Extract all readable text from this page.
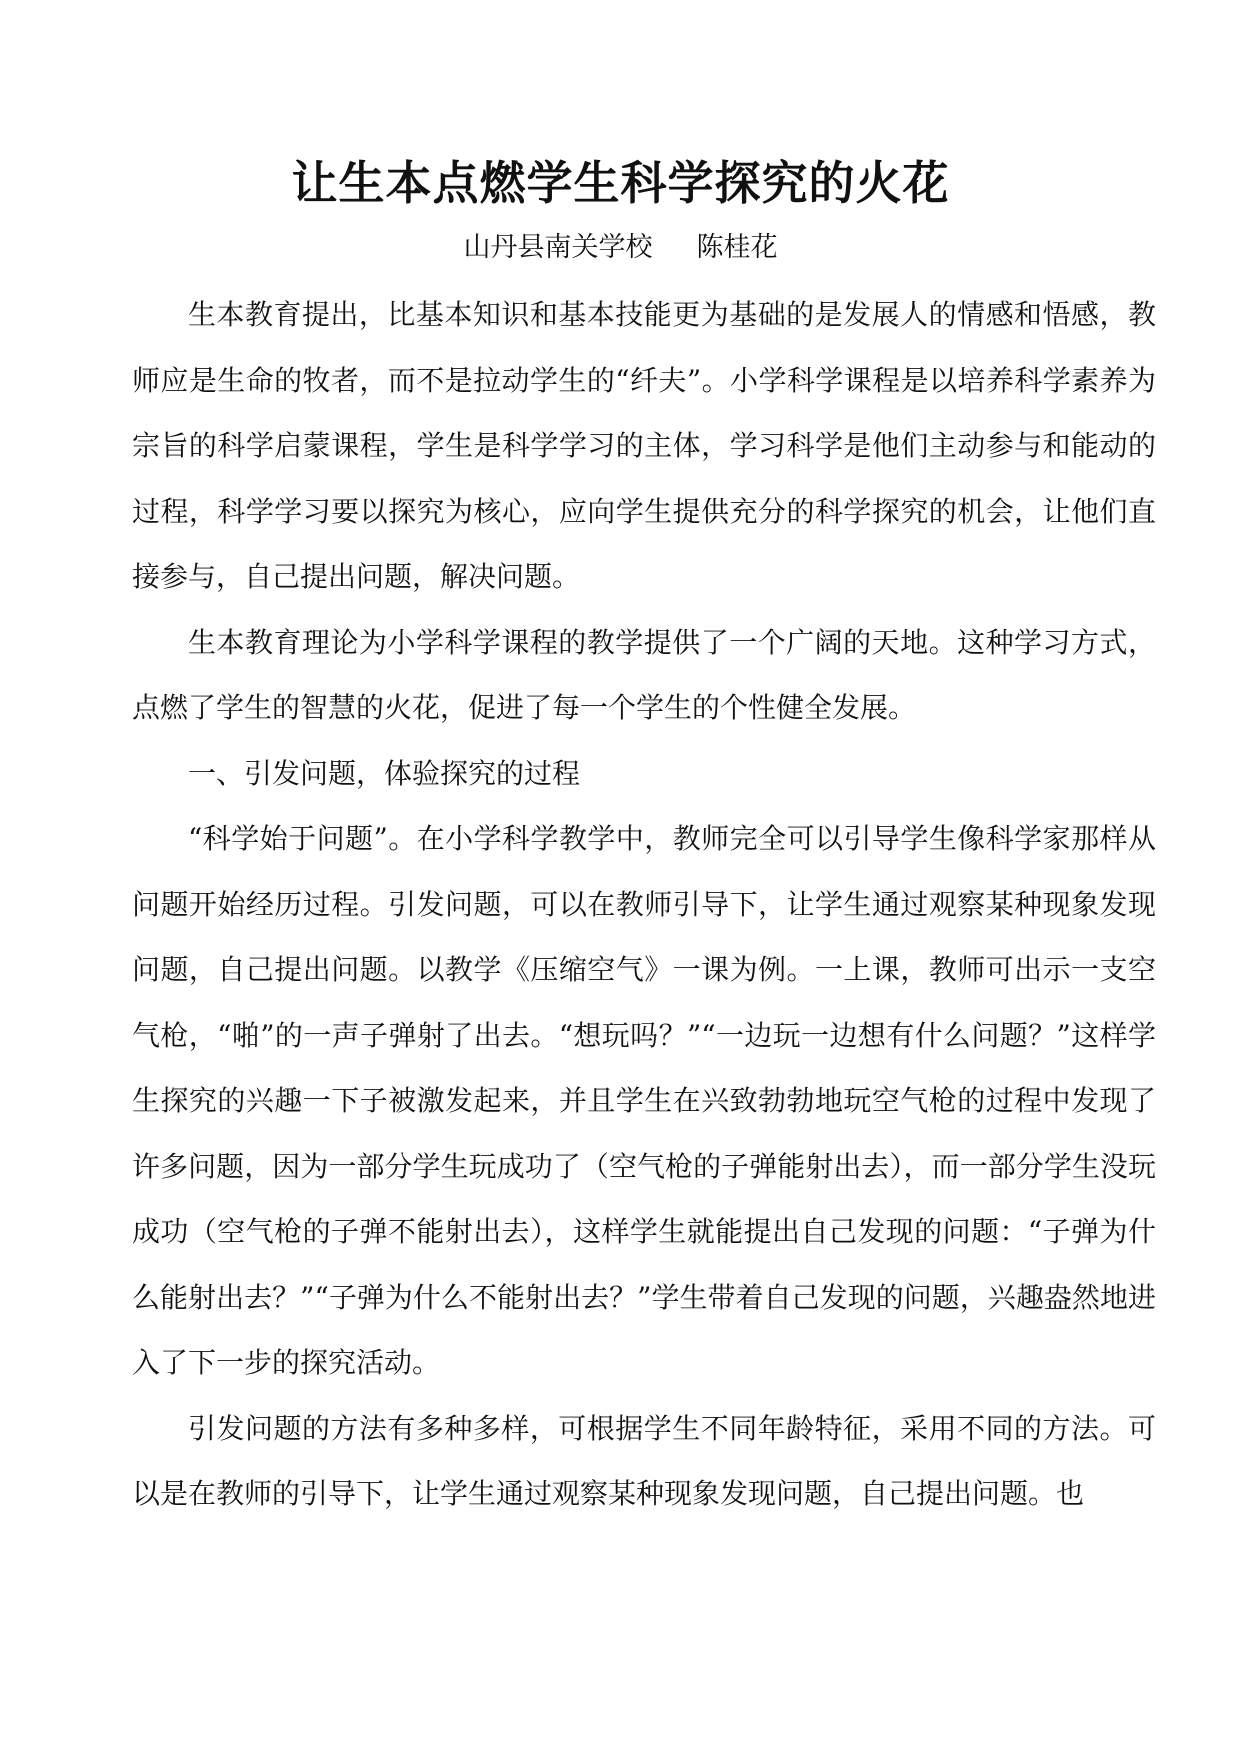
让生本点燃学生科学探究的火花
山丹县南关学校 陈桂花

生本教育提出，比基本知识和基本技能更为基础的是发展人的情感和悟感，教师应是生命的牧者，而不是拉动学生的“纤夫”。小学科学课程是以培养科学素养为宗旨的科学启蒙课程，学生是科学学习的主体，学习科学是他们主动参与和能动的过程，科学学习要以探究为核心，应向学生提供充分的科学探究的机会，让他们直接参与，自己提出问题，解决问题。

生本教育理论为小学科学课程的教学提供了一个广阔的天地。这种学习方式，点燃了学生的智慧的火花，促进了每一个学生的个性健全发展。

一、引发问题，体验探究的过程

“科学始于问题”。在小学科学教学中，教师完全可以引导学生像科学家那样从问题开始经历过程。引发问题，可以在教师引导下，让学生通过观察某种现象发现问题，自己提出问题。以教学《压缩空气》一课为例。一上课，教师可出示一支空气枪，“啪”的一声子弹射了出去。“想玩吗？”“一边玩一边想有什么问题？”这样学生探究的兴趣一下子被激发起来，并且学生在兴致勃勃地玩空气枪的过程中发现了许多问题，因为一部分学生玩成功了（空气枪的子弹能射出去），而一部分学生没玩成功（空气枪的子弹不能射出去），这样学生就能提出自己发现的问题：“子弹为什么能射出去？”“子弹为什么不能射出去？”学生带着自己发现的问题，兴趣盎然地进入了下一步的探究活动。

引发问题的方法有多种多样，可根据学生不同年龄特征，采用不同的方法。可以是在教师的引导下，让学生通过观察某种现象发现问题，自己提出问题。也
